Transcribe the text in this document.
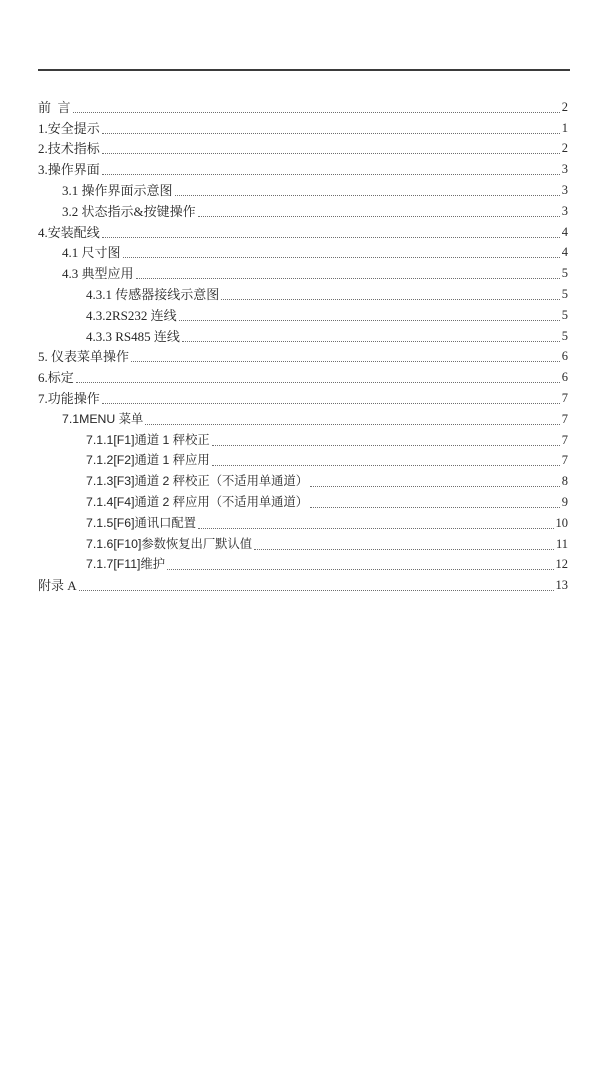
前  言	2
1.安全提示	1
2.技术指标	2
3.操作界面	3
3.1 操作界面示意图	3
3.2 状态指示&按键操作	3
4.安装配线	4
4.1 尺寸图	4
4.3 典型应用	5
4.3.1 传感器接线示意图	5
4.3.2RS232 连线	5
4.3.3 RS485 连线	5
5. 仪表菜单操作	6
6.标定	6
7.功能操作	7
7.1MENU 菜单	7
7.1.1[F1]通道 1 秤校正	7
7.1.2[F2]通道 1 秤应用	7
7.1.3[F3]通道 2 秤校正（不适用单通道）	8
7.1.4[F4]通道 2 秤应用（不适用单通道）	9
7.1.5[F6]通讯口配置	10
7.1.6[F10]参数恢复出厂默认值	11
7.1.7[F11]维护	12
附录 A	13
